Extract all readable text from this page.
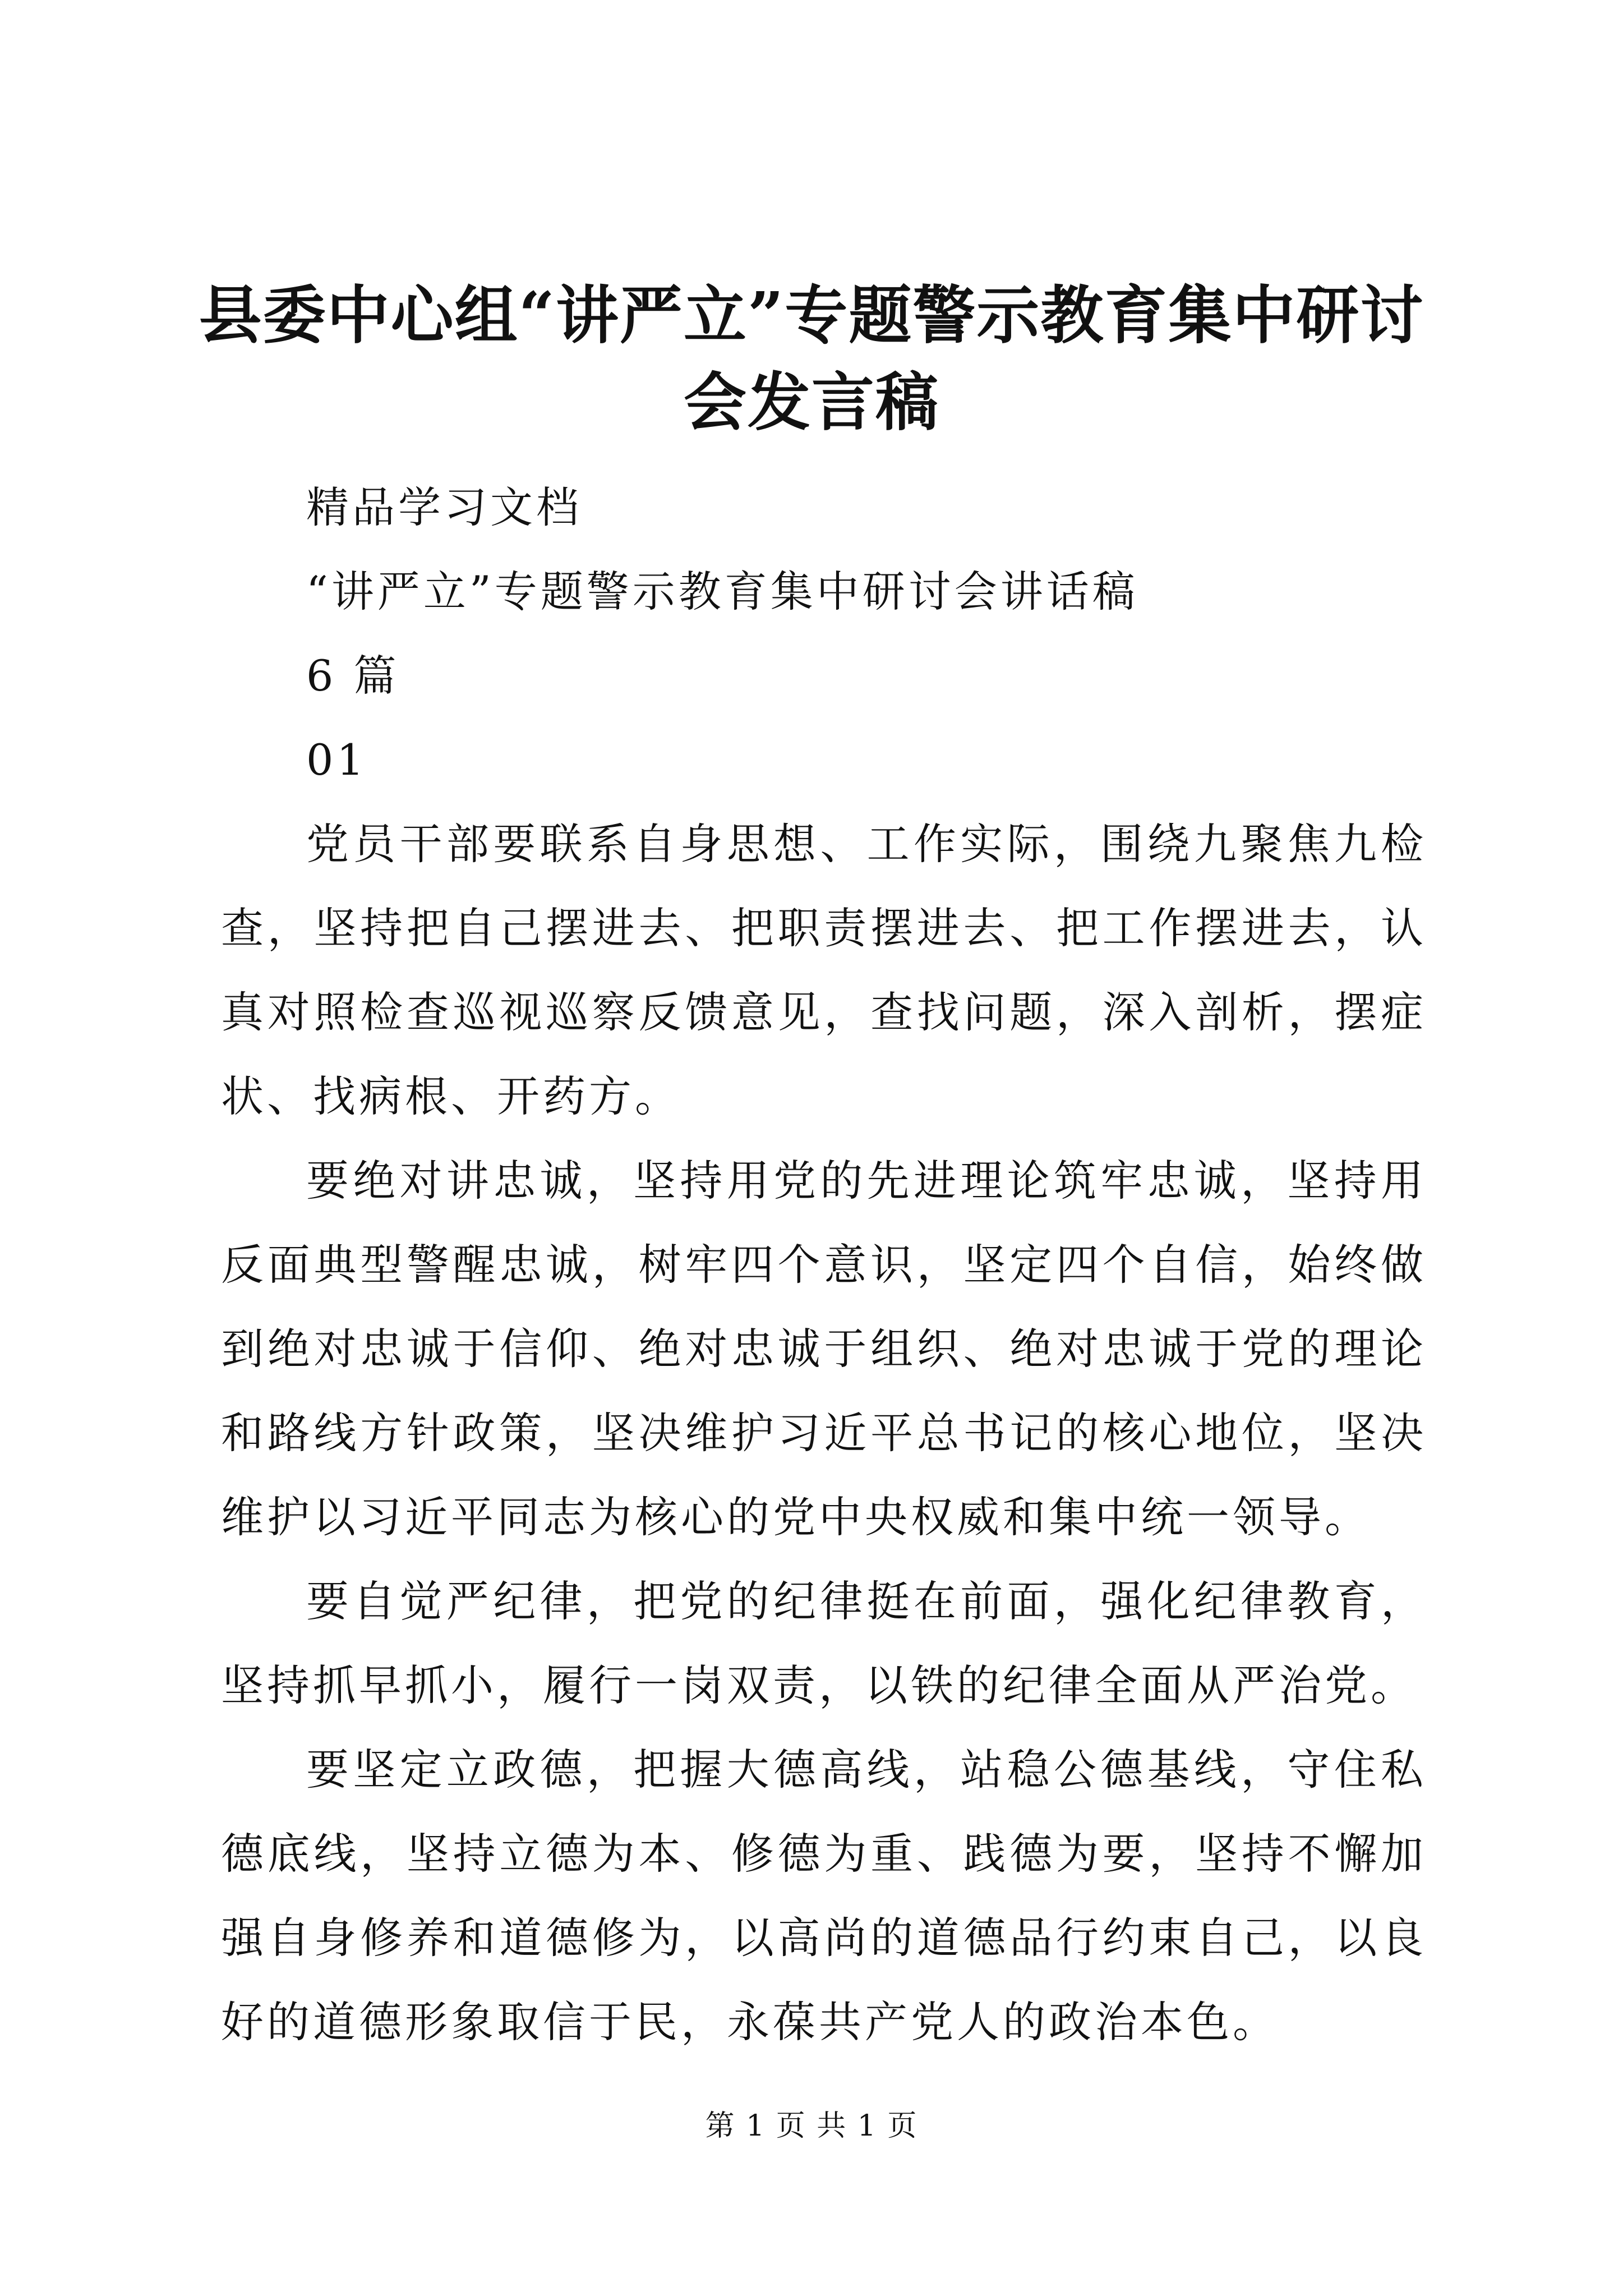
县委中心组“讲严立”专题警示教育集中研讨会发言稿

精品学习文档

“讲严立”专题警示教育集中研讨会讲话稿

6 篇

01

党员干部要联系自身思想、工作实际，围绕九聚焦九检查，坚持把自己摆进去、把职责摆进去、把工作摆进去，认真对照检查巡视巡察反馈意见，查找问题，深入剖析，摆症状、找病根、开药方。

要绝对讲忠诚，坚持用党的先进理论筑牢忠诚，坚持用反面典型警醒忠诚，树牢四个意识，坚定四个自信，始终做到绝对忠诚于信仰、绝对忠诚于组织、绝对忠诚于党的理论和路线方针政策，坚决维护习近平总书记的核心地位，坚决维护以习近平同志为核心的党中央权威和集中统一领导。

要自觉严纪律，把党的纪律挺在前面，强化纪律教育，坚持抓早抓小，履行一岗双责，以铁的纪律全面从严治党。

要坚定立政德，把握大德高线，站稳公德基线，守住私德底线，坚持立德为本、修德为重、践德为要，坚持不懈加强自身修养和道德修为，以高尚的道德品行约束自己，以良好的道德形象取信于民，永葆共产党人的政治本色。

第 1 页 共 1 页
